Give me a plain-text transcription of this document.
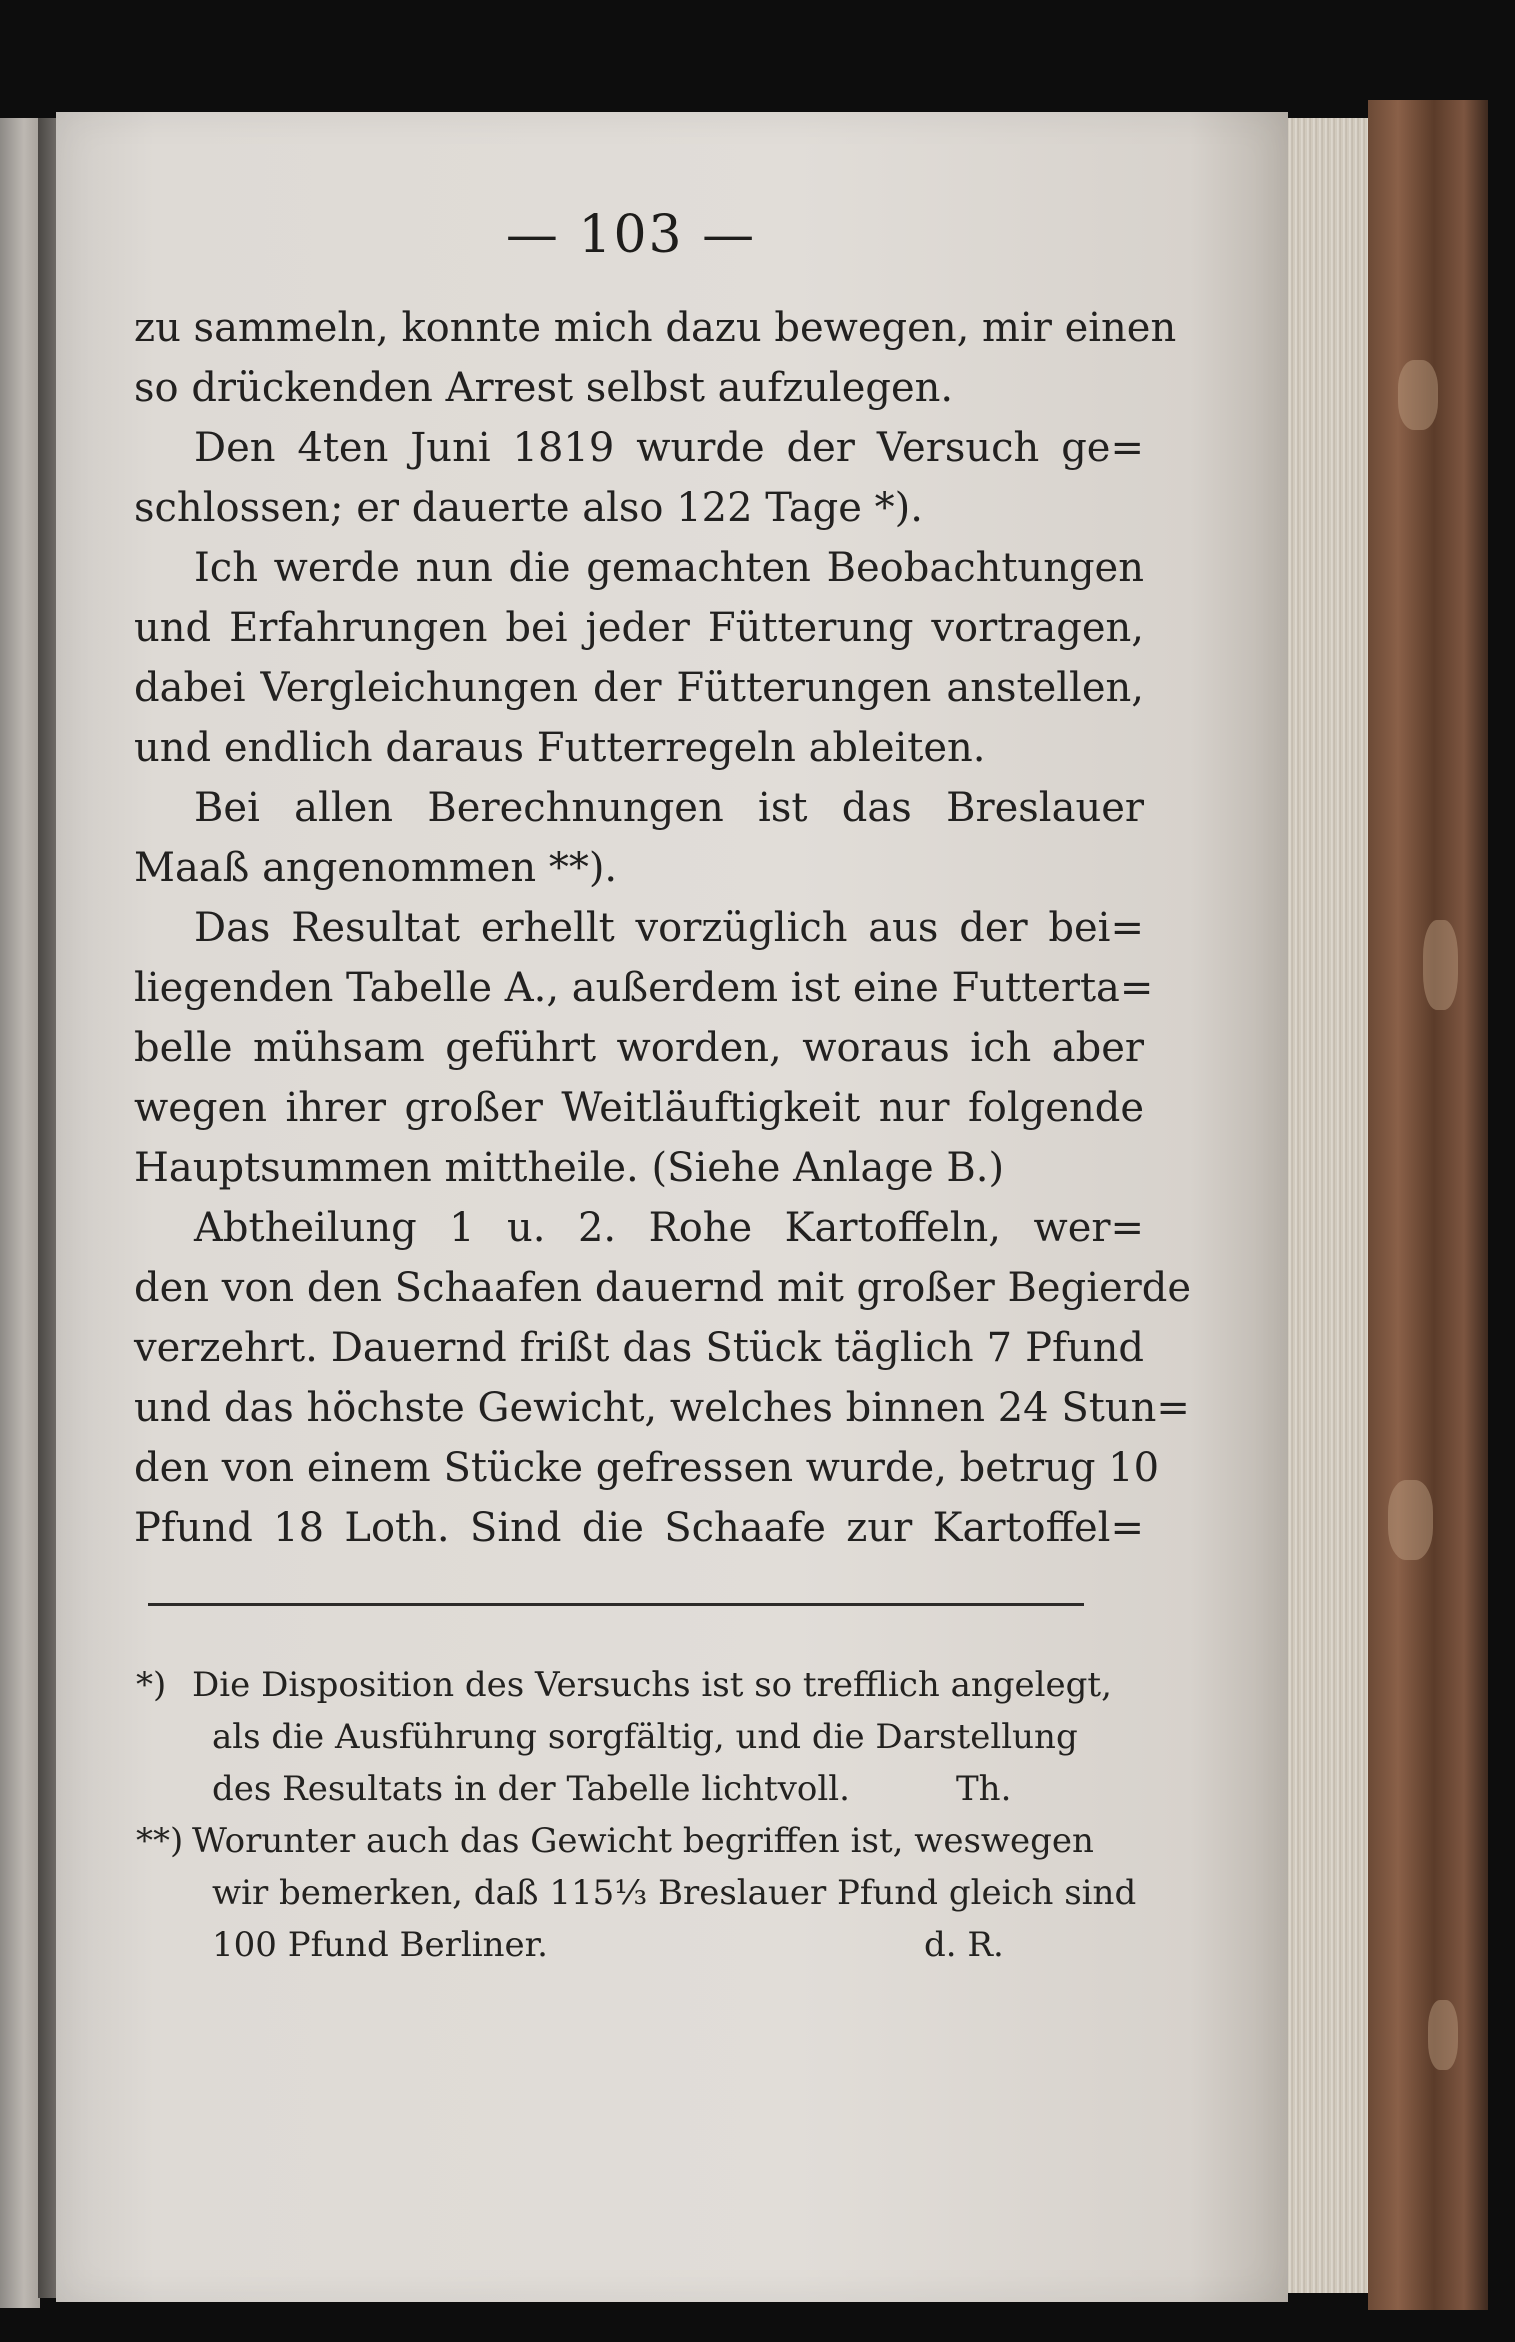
— 103 —
zu sammeln, konnte mich dazu bewegen, mir einen
so drückenden Arrest selbst aufzulegen.
Den 4ten Juni 1819 wurde der Versuch ge=
schlossen; er dauerte also 122 Tage *).
Ich werde nun die gemachten Beobachtungen
und Erfahrungen bei jeder Fütterung vortragen,
dabei Vergleichungen der Fütterungen anstellen,
und endlich daraus Futterregeln ableiten.
Bei allen Berechnungen ist das Breslauer
Maaß angenommen **).
Das Resultat erhellt vorzüglich aus der bei=
liegenden Tabelle A., außerdem ist eine Futterta=
belle mühsam geführt worden, woraus ich aber
wegen ihrer großer Weitläuftigkeit nur folgende
Hauptsummen mittheile. (Siehe Anlage B.)
Abtheilung 1 u. 2. Rohe Kartoffeln, wer=
den von den Schaafen dauernd mit großer Begierde
verzehrt. Dauernd frißt das Stück täglich 7 Pfund
und das höchste Gewicht, welches binnen 24 Stun=
den von einem Stücke gefressen wurde, betrug 10
Pfund 18 Loth. Sind die Schaafe zur Kartoffel=
*) Die Disposition des Versuchs ist so trefflich angelegt,
als die Ausführung sorgfältig, und die Darstellung
des Resultats in der Tabelle lichtvoll.	Th.
**) Worunter auch das Gewicht begriffen ist, weswegen
wir bemerken, daß 115⅓ Breslauer Pfund gleich sind
100 Pfund Berliner.	d. R.
